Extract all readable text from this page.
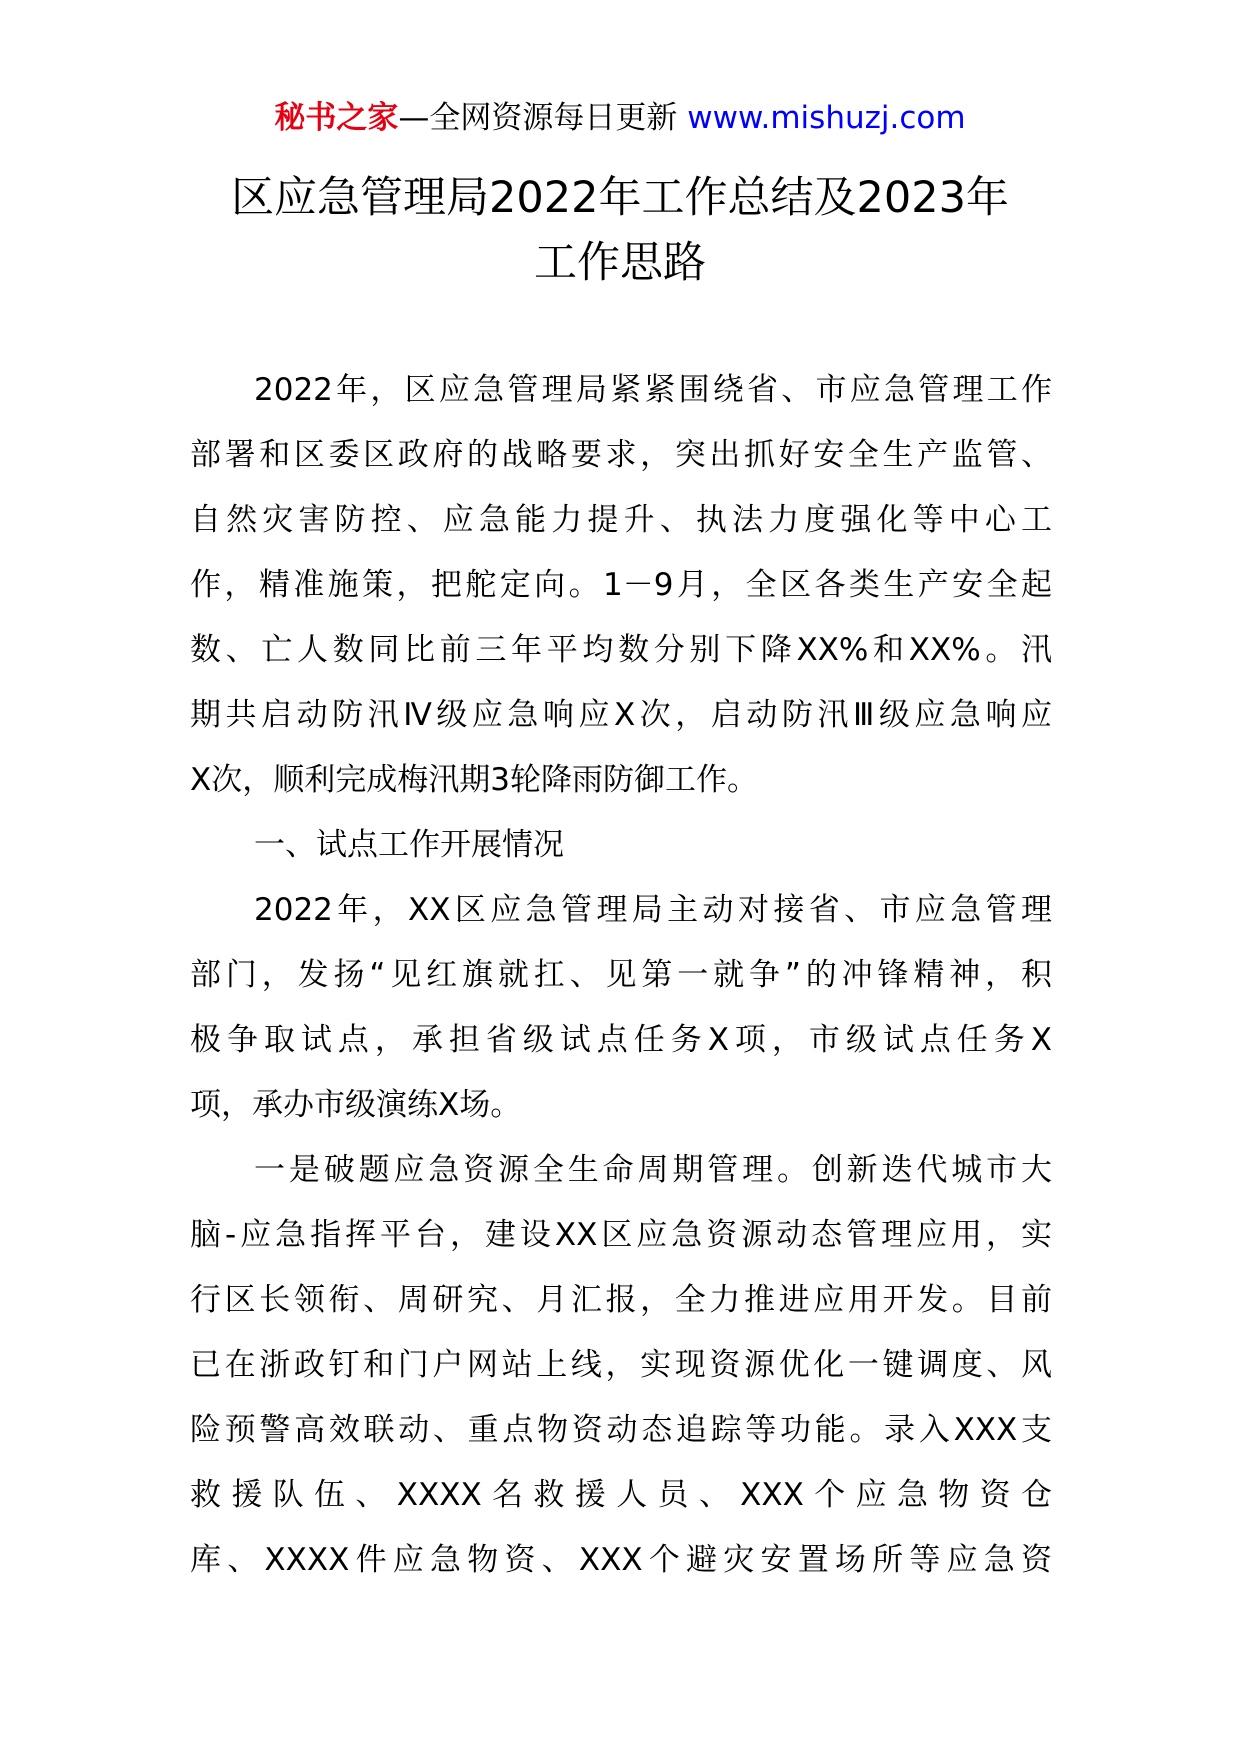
秘书之家—全网资源每日更新 www.mishuzj.com
区应急管理局2022年工作总结及2023年
工作思路
2022年，区应急管理局紧紧围绕省、市应急管理工作
部署和区委区政府的战略要求，突出抓好安全生产监管、
自然灾害防控、应急能力提升、执法力度强化等中心工
作，精准施策，把舵定向。1－9月，全区各类生产安全起
数、亡人数同比前三年平均数分别下降XX%和XX%。汛
期共启动防汛Ⅳ级应急响应X次，启动防汛Ⅲ级应急响应
X次，顺利完成梅汛期3轮降雨防御工作。
一、试点工作开展情况
2022年，XX区应急管理局主动对接省、市应急管理
部门，发扬“见红旗就扛、见第一就争”的冲锋精神，积
极争取试点，承担省级试点任务X项，市级试点任务X
项，承办市级演练X场。
一是破题应急资源全生命周期管理。创新迭代城市大
脑-应急指挥平台，建设XX区应急资源动态管理应用，实
行区长领衔、周研究、月汇报，全力推进应用开发。目前
已在浙政钉和门户网站上线，实现资源优化一键调度、风
险预警高效联动、重点物资动态追踪等功能。录入XXX支
救援队伍、XXXX名救援人员、XXX个应急物资仓
库、XXXX件应急物资、XXX个避灾安置场所等应急资
